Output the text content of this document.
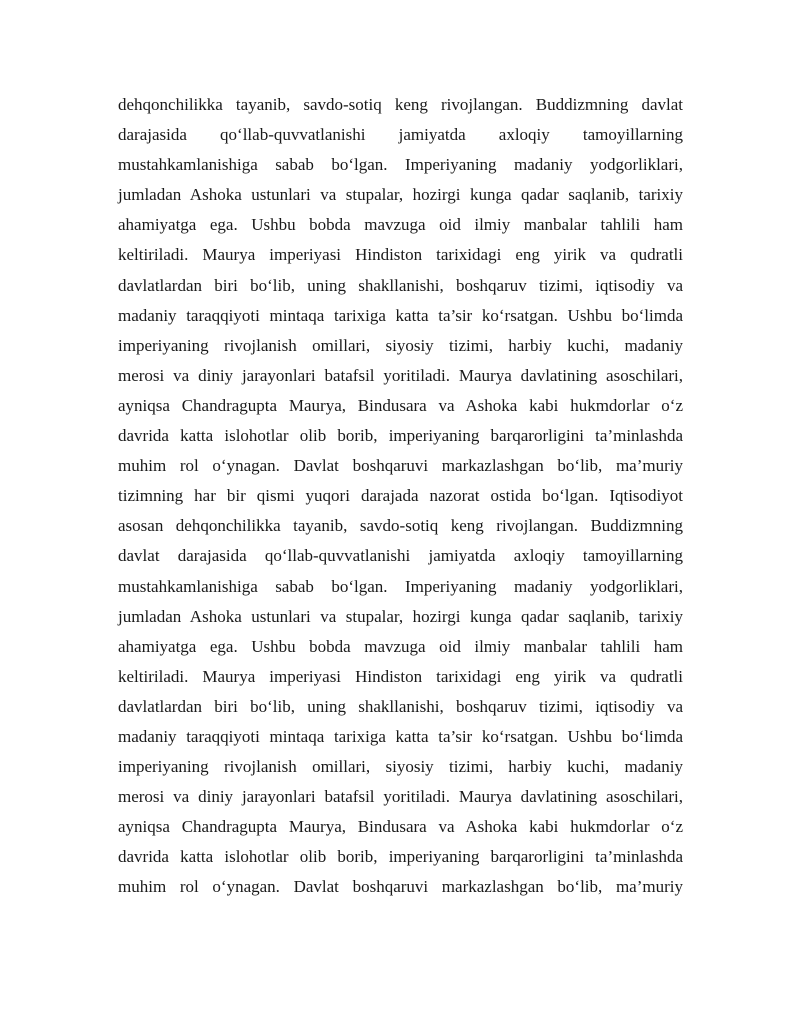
dehqonchilikka tayanib, savdo-sotiq keng rivojlangan. Buddizmning davlat
darajasida qo‘llab-quvvatlanishi jamiyatda axloqiy tamoyillarning
mustahkamlanishiga sabab bo‘lgan. Imperiyaning madaniy yodgorliklari,
jumladan Ashoka ustunlari va stupalar, hozirgi kunga qadar saqlanib, tarixiy
ahamiyatga ega. Ushbu bobda mavzuga oid ilmiy manbalar tahlili ham
keltiriladi. Maurya imperiyasi Hindiston tarixidagi eng yirik va qudratli
davlatlardan biri bo‘lib, uning shakllanishi, boshqaruv tizimi, iqtisodiy va
madaniy taraqqiyoti mintaqa tarixiga katta ta’sir ko‘rsatgan. Ushbu bo‘limda
imperiyaning rivojlanish omillari, siyosiy tizimi, harbiy kuchi, madaniy
merosi va diniy jarayonlari batafsil yoritiladi. Maurya davlatining asoschilari,
ayniqsa Chandragupta Maurya, Bindusara va Ashoka kabi hukmdorlar o‘z
davrida katta islohotlar olib borib, imperiyaning barqarorligini ta’minlashda
muhim rol o‘ynagan. Davlat boshqaruvi markazlashgan bo‘lib, ma’muriy
tizimning har bir qismi yuqori darajada nazorat ostida bo‘lgan. Iqtisodiyot
asosan dehqonchilikka tayanib, savdo-sotiq keng rivojlangan. Buddizmning
davlat darajasida qo‘llab-quvvatlanishi jamiyatda axloqiy tamoyillarning
mustahkamlanishiga sabab bo‘lgan. Imperiyaning madaniy yodgorliklari,
jumladan Ashoka ustunlari va stupalar, hozirgi kunga qadar saqlanib, tarixiy
ahamiyatga ega. Ushbu bobda mavzuga oid ilmiy manbalar tahlili ham
keltiriladi. Maurya imperiyasi Hindiston tarixidagi eng yirik va qudratli
davlatlardan biri bo‘lib, uning shakllanishi, boshqaruv tizimi, iqtisodiy va
madaniy taraqqiyoti mintaqa tarixiga katta ta’sir ko‘rsatgan. Ushbu bo‘limda
imperiyaning rivojlanish omillari, siyosiy tizimi, harbiy kuchi, madaniy
merosi va diniy jarayonlari batafsil yoritiladi. Maurya davlatining asoschilari,
ayniqsa Chandragupta Maurya, Bindusara va Ashoka kabi hukmdorlar o‘z
davrida katta islohotlar olib borib, imperiyaning barqarorligini ta’minlashda
muhim rol o‘ynagan. Davlat boshqaruvi markazlashgan bo‘lib, ma’muriy
